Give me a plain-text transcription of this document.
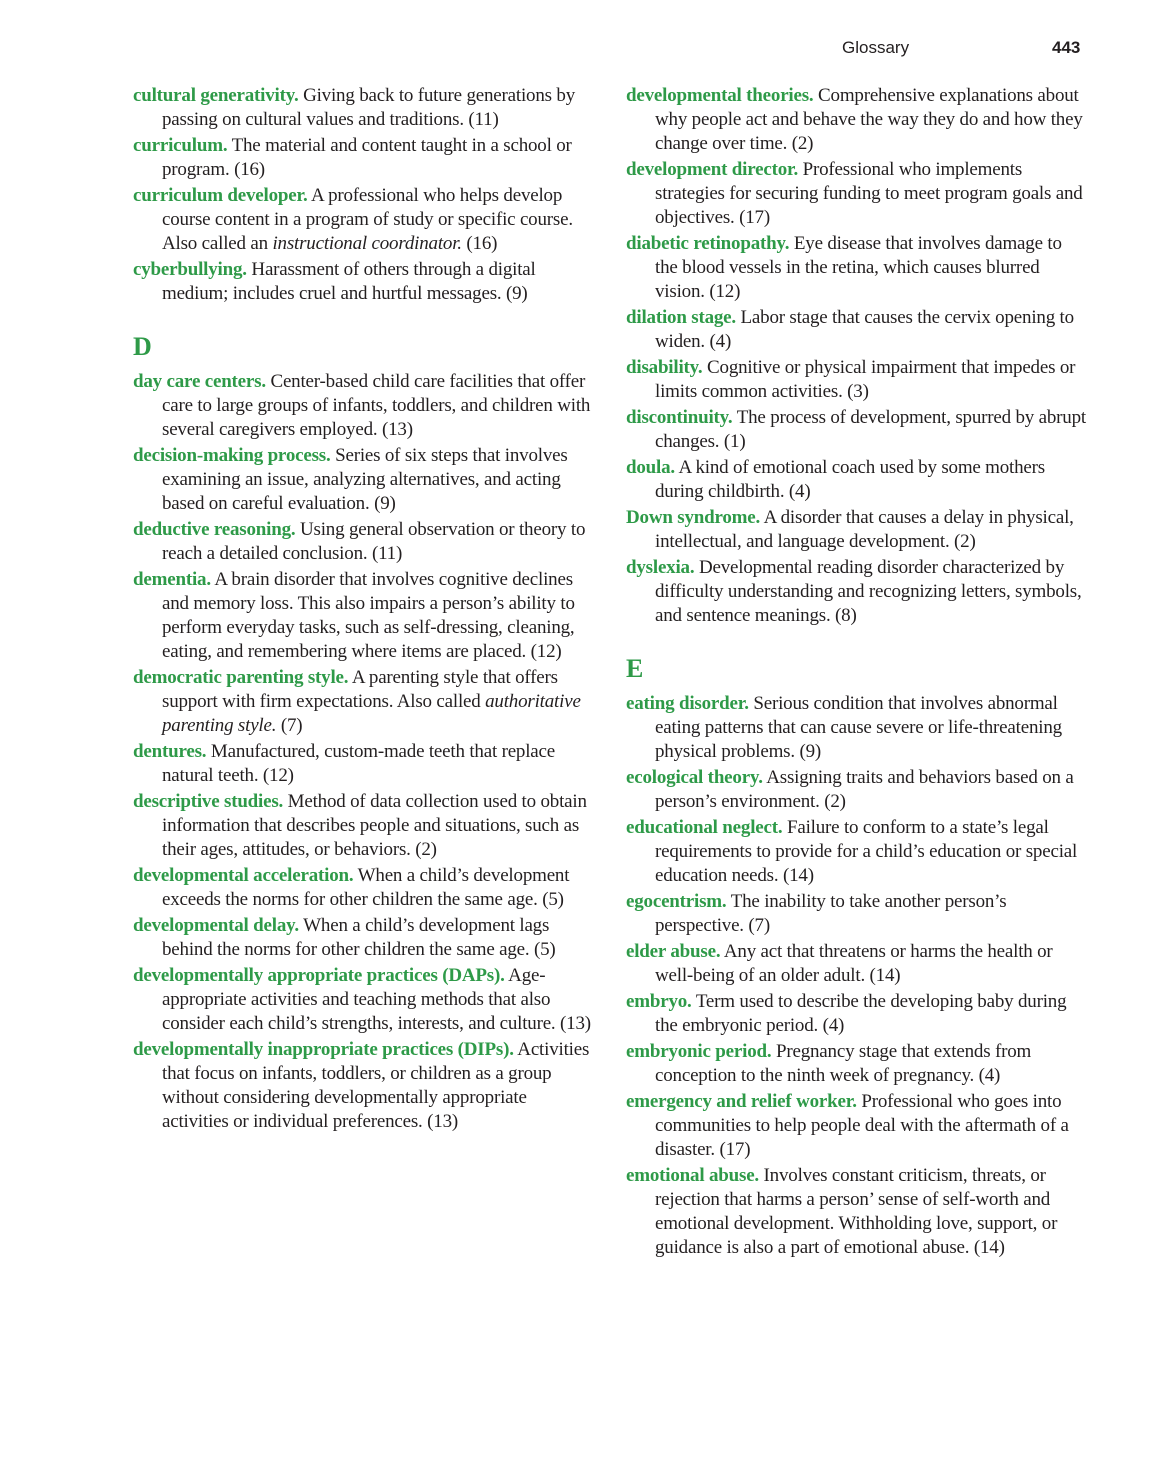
Glossary	443
cultural generativity. Giving back to future generations by passing on cultural values and traditions. (11)
curriculum. The material and content taught in a school or program. (16)
curriculum developer. A professional who helps develop course content in a program of study or specific course. Also called an instructional coordinator. (16)
cyberbullying. Harassment of others through a digital medium; includes cruel and hurtful messages. (9)
D
day care centers. Center-based child care facilities that offer care to large groups of infants, toddlers, and children with several caregivers employed. (13)
decision-making process. Series of six steps that involves examining an issue, analyzing alternatives, and acting based on careful evaluation. (9)
deductive reasoning. Using general observation or theory to reach a detailed conclusion. (11)
dementia. A brain disorder that involves cognitive declines and memory loss. This also impairs a person’s ability to perform everyday tasks, such as self-dressing, cleaning, eating, and remembering where items are placed. (12)
democratic parenting style. A parenting style that offers support with firm expectations. Also called authoritative parenting style. (7)
dentures. Manufactured, custom-made teeth that replace natural teeth. (12)
descriptive studies. Method of data collection used to obtain information that describes people and situations, such as their ages, attitudes, or behaviors. (2)
developmental acceleration. When a child’s development exceeds the norms for other children the same age. (5)
developmental delay. When a child’s development lags behind the norms for other children the same age. (5)
developmentally appropriate practices (DAPs). Age-appropriate activities and teaching methods that also consider each child’s strengths, interests, and culture. (13)
developmentally inappropriate practices (DIPs). Activities that focus on infants, toddlers, or children as a group without considering developmentally appropriate activities or individual preferences. (13)
developmental theories. Comprehensive explanations about why people act and behave the way they do and how they change over time. (2)
development director. Professional who implements strategies for securing funding to meet program goals and objectives. (17)
diabetic retinopathy. Eye disease that involves damage to the blood vessels in the retina, which causes blurred vision. (12)
dilation stage. Labor stage that causes the cervix opening to widen. (4)
disability. Cognitive or physical impairment that impedes or limits common activities. (3)
discontinuity. The process of development, spurred by abrupt changes. (1)
doula. A kind of emotional coach used by some mothers during childbirth. (4)
Down syndrome. A disorder that causes a delay in physical, intellectual, and language development. (2)
dyslexia. Developmental reading disorder characterized by difficulty understanding and recognizing letters, symbols, and sentence meanings. (8)
E
eating disorder. Serious condition that involves abnormal eating patterns that can cause severe or life-threatening physical problems. (9)
ecological theory. Assigning traits and behaviors based on a person’s environment. (2)
educational neglect. Failure to conform to a state’s legal requirements to provide for a child’s education or special education needs. (14)
egocentrism. The inability to take another person’s perspective. (7)
elder abuse. Any act that threatens or harms the health or well-being of an older adult. (14)
embryo. Term used to describe the developing baby during the embryonic period. (4)
embryonic period. Pregnancy stage that extends from conception to the ninth week of pregnancy. (4)
emergency and relief worker. Professional who goes into communities to help people deal with the aftermath of a disaster. (17)
emotional abuse. Involves constant criticism, threats, or rejection that harms a person’ sense of self-worth and emotional development. Withholding love, support, or guidance is also a part of emotional abuse. (14)
